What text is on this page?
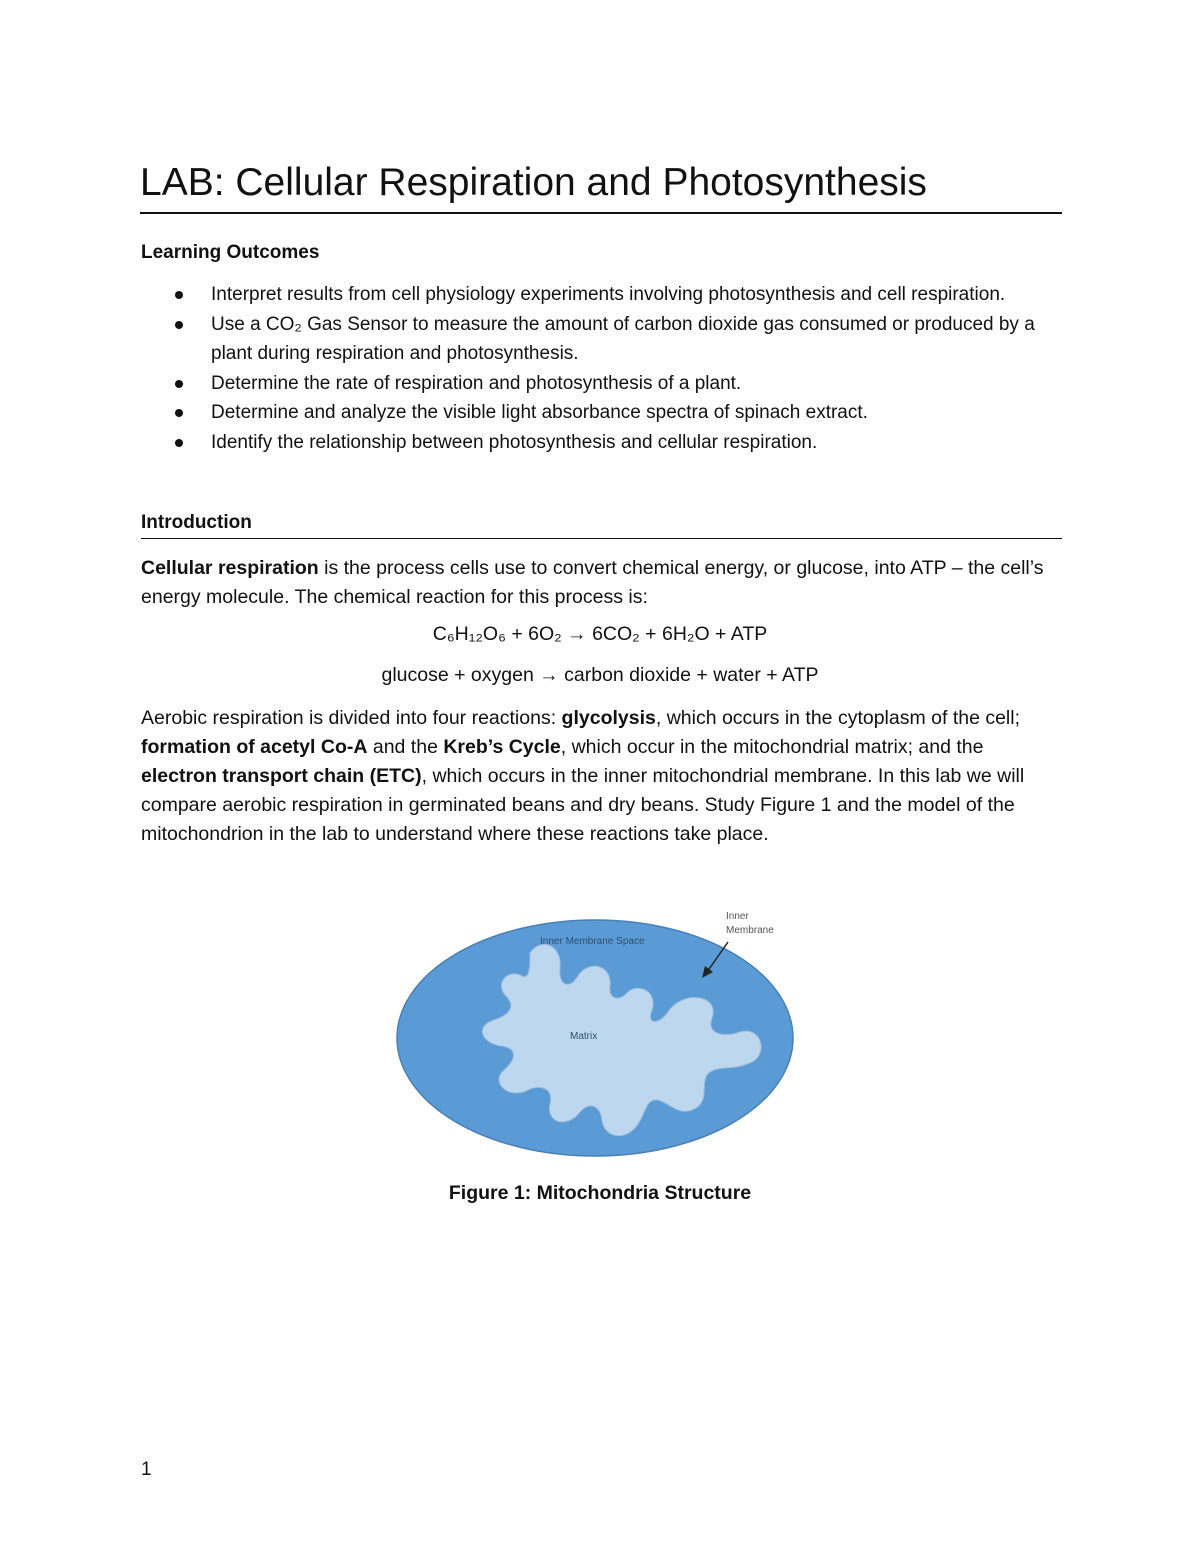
LAB: Cellular Respiration and Photosynthesis
Learning Outcomes
Interpret results from cell physiology experiments involving photosynthesis and cell respiration.
Use a CO₂ Gas Sensor to measure the amount of carbon dioxide gas consumed or produced by a plant during respiration and photosynthesis.
Determine the rate of respiration and photosynthesis of a plant.
Determine and analyze the visible light absorbance spectra of spinach extract.
Identify the relationship between photosynthesis and cellular respiration.
Introduction

Cellular respiration is the process cells use to convert chemical energy, or glucose, into ATP – the cell’s energy molecule. The chemical reaction for this process is:

C₆H₁₂O₆ + 6O₂ → 6CO₂ + 6H₂O + ATP

glucose + oxygen → carbon dioxide + water + ATP

Aerobic respiration is divided into four reactions: glycolysis, which occurs in the cytoplasm of the cell; formation of acetyl Co-A and the Kreb’s Cycle, which occur in the mitochondrial matrix; and the electron transport chain (ETC), which occurs in the inner mitochondrial membrane. In this lab we will compare aerobic respiration in germinated beans and dry beans. Study Figure 1 and the model of the mitochondrion in the lab to understand where these reactions take place.

Inner Membrane Space
Inner
Membrane
Matrix

Figure 1: Mitochondria Structure

1
